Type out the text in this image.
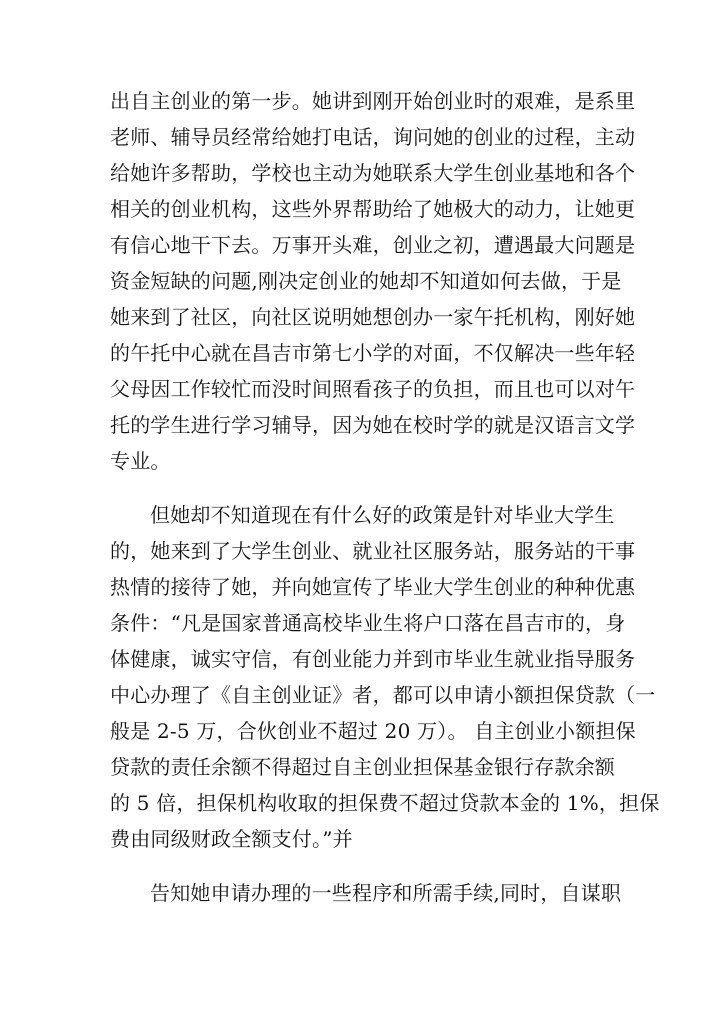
出自主创业的第一步。她讲到刚开始创业时的艰难，是系里
老师、辅导员经常给她打电话，询问她的创业的过程，主动
给她许多帮助，学校也主动为她联系大学生创业基地和各个
相关的创业机构，这些外界帮助给了她极大的动力，让她更
有信心地干下去。万事开头难，创业之初，遭遇最大问题是
资金短缺的问题,刚决定创业的她却不知道如何去做，于是
她来到了社区，向社区说明她想创办一家午托机构，刚好她
的午托中心就在昌吉市第七小学的对面，不仅解决一些年轻
父母因工作较忙而没时间照看孩子的负担，而且也可以对午
托的学生进行学习辅导，因为她在校时学的就是汉语言文学
专业。
但她却不知道现在有什么好的政策是针对毕业大学生
的，她来到了大学生创业、就业社区服务站，服务站的干事
热情的接待了她，并向她宣传了毕业大学生创业的种种优惠
条件：“凡是国家普通高校毕业生将户口落在昌吉市的，身
体健康，诚实守信，有创业能力并到市毕业生就业指导服务
中心办理了《自主创业证》者，都可以申请小额担保贷款（一
般是 2-5 万，合伙创业不超过 20 万）。 自主创业小额担保
贷款的责任余额不得超过自主创业担保基金银行存款余额
的 5 倍，担保机构收取的担保费不超过贷款本金的 1%，担保
费由同级财政全额支付。”并
告知她申请办理的一些程序和所需手续,同时，自谋职
